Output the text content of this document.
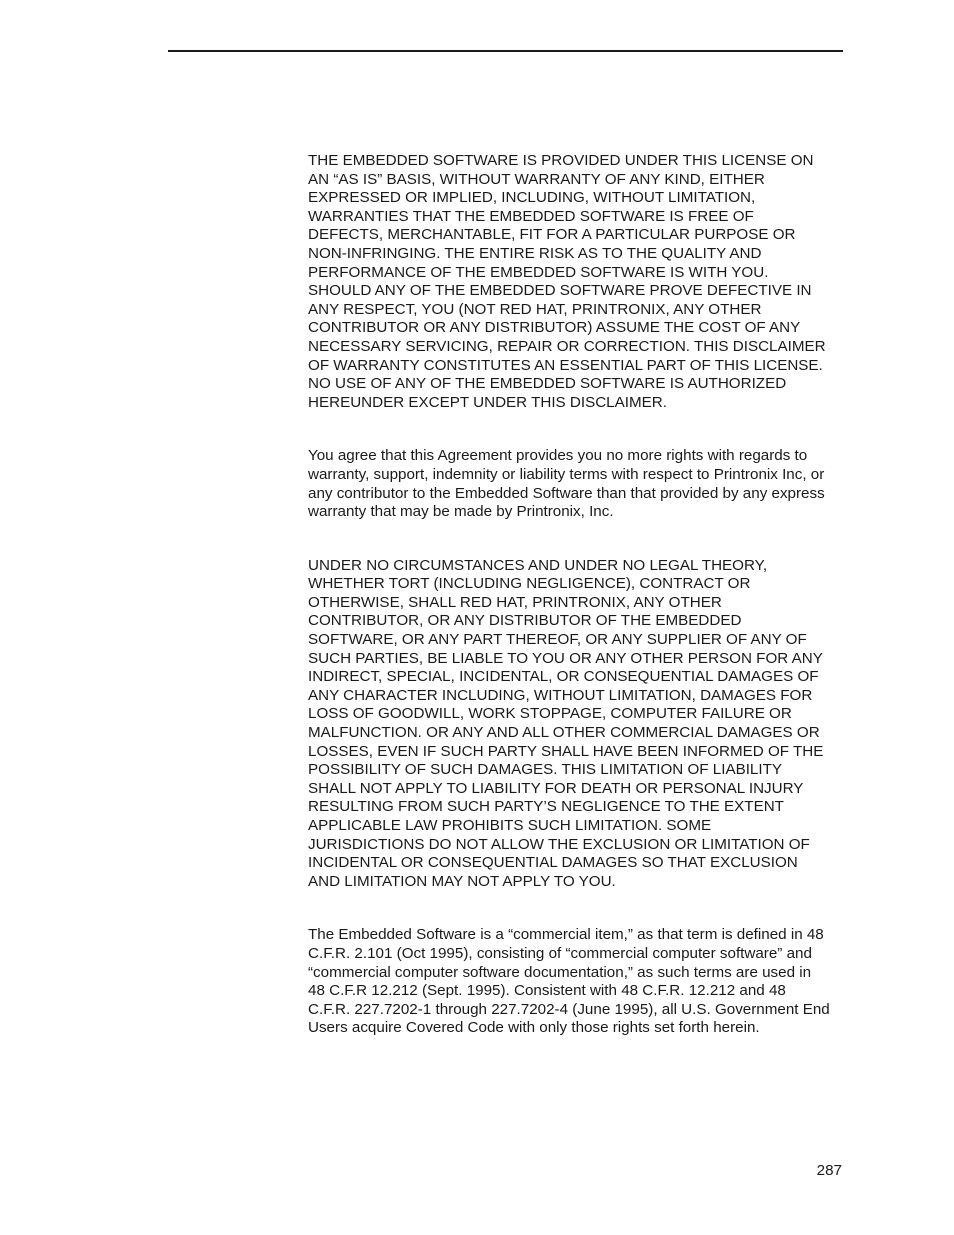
THE EMBEDDED SOFTWARE IS PROVIDED UNDER THIS LICENSE ON
AN “AS IS” BASIS, WITHOUT WARRANTY OF ANY KIND, EITHER
EXPRESSED OR IMPLIED, INCLUDING, WITHOUT LIMITATION,
WARRANTIES THAT THE EMBEDDED SOFTWARE IS FREE OF
DEFECTS, MERCHANTABLE, FIT FOR A PARTICULAR PURPOSE OR
NON-INFRINGING. THE ENTIRE RISK AS TO THE QUALITY AND
PERFORMANCE OF THE EMBEDDED SOFTWARE IS WITH YOU.
SHOULD ANY OF THE EMBEDDED SOFTWARE PROVE DEFECTIVE IN
ANY RESPECT, YOU (NOT RED HAT, PRINTRONIX, ANY OTHER
CONTRIBUTOR OR ANY DISTRIBUTOR) ASSUME THE COST OF ANY
NECESSARY SERVICING, REPAIR OR CORRECTION. THIS DISCLAIMER
OF WARRANTY CONSTITUTES AN ESSENTIAL PART OF THIS LICENSE.
NO USE OF ANY OF THE EMBEDDED SOFTWARE IS AUTHORIZED
HEREUNDER EXCEPT UNDER THIS DISCLAIMER.

You agree that this Agreement provides you no more rights with regards to
warranty, support, indemnity or liability terms with respect to Printronix Inc, or
any contributor to the Embedded Software than that provided by any express
warranty that may be made by Printronix, Inc.

UNDER NO CIRCUMSTANCES AND UNDER NO LEGAL THEORY,
WHETHER TORT (INCLUDING NEGLIGENCE), CONTRACT OR
OTHERWISE, SHALL RED HAT, PRINTRONIX, ANY OTHER
CONTRIBUTOR, OR ANY DISTRIBUTOR OF THE EMBEDDED
SOFTWARE, OR ANY PART THEREOF, OR ANY SUPPLIER OF ANY OF
SUCH PARTIES, BE LIABLE TO YOU OR ANY OTHER PERSON FOR ANY
INDIRECT, SPECIAL, INCIDENTAL, OR CONSEQUENTIAL DAMAGES OF
ANY CHARACTER INCLUDING, WITHOUT LIMITATION, DAMAGES FOR
LOSS OF GOODWILL, WORK STOPPAGE, COMPUTER FAILURE OR
MALFUNCTION. OR ANY AND ALL OTHER COMMERCIAL DAMAGES OR
LOSSES, EVEN IF SUCH PARTY SHALL HAVE BEEN INFORMED OF THE
POSSIBILITY OF SUCH DAMAGES. THIS LIMITATION OF LIABILITY
SHALL NOT APPLY TO LIABILITY FOR DEATH OR PERSONAL INJURY
RESULTING FROM SUCH PARTY’S NEGLIGENCE TO THE EXTENT
APPLICABLE LAW PROHIBITS SUCH LIMITATION. SOME
JURISDICTIONS DO NOT ALLOW THE EXCLUSION OR LIMITATION OF
INCIDENTAL OR CONSEQUENTIAL DAMAGES SO THAT EXCLUSION
AND LIMITATION MAY NOT APPLY TO YOU.

The Embedded Software is a “commercial item,” as that term is defined in 48
C.F.R. 2.101 (Oct 1995), consisting of “commercial computer software” and
“commercial computer software documentation,” as such terms are used in
48 C.F.R 12.212 (Sept. 1995). Consistent with 48 C.F.R. 12.212 and 48
C.F.R. 227.7202-1 through 227.7202-4 (June 1995), all U.S. Government End
Users acquire Covered Code with only those rights set forth herein.

287
